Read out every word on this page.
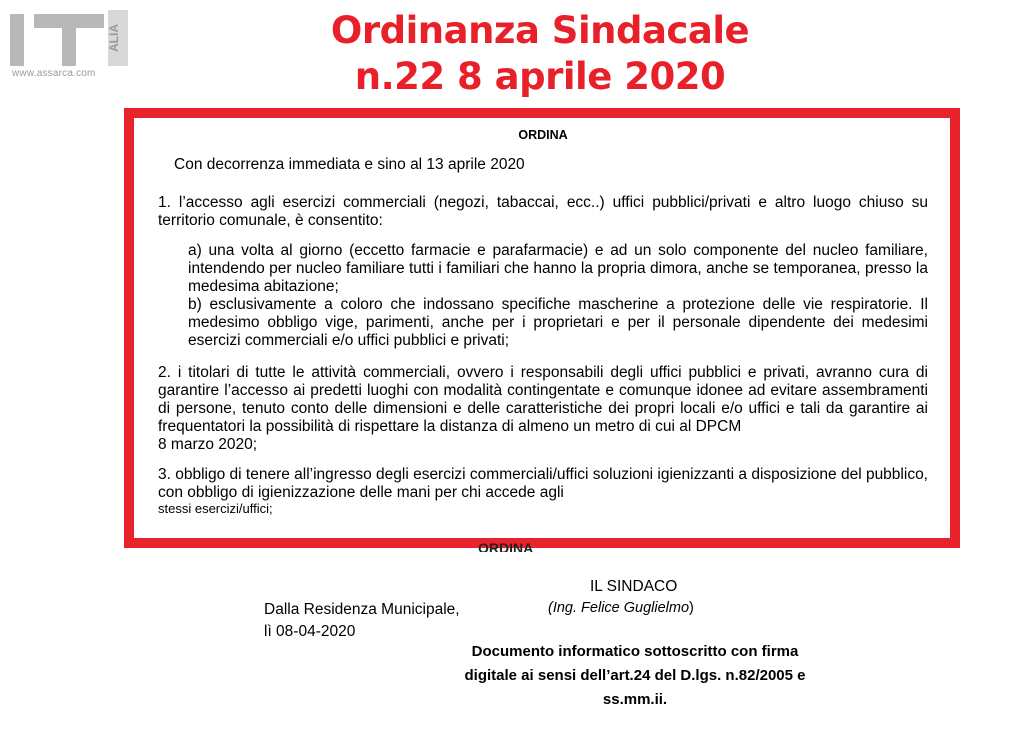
ALIA
www.assarca.com
Ordinanza Sindacale
n.22 8 aprile 2020
ORDINA

Con decorrenza immediata e sino al 13 aprile 2020

1. l’accesso agli esercizi commerciali (negozi, tabaccai, ecc..) uffici pubblici/privati e altro luogo chiuso su territorio comunale, è consentito:

a) una volta al giorno (eccetto farmacie e parafarmacie) e ad un solo componente del nucleo familiare, intendendo per nucleo familiare tutti i familiari che hanno la propria dimora, anche se temporanea, presso la medesima abitazione;

b) esclusivamente a coloro che indossano specifiche mascherine a protezione delle vie respiratorie. Il medesimo obbligo vige, parimenti, anche per i proprietari e per il personale dipendente dei medesimi esercizi commerciali e/o uffici pubblici e privati;

2. i titolari di tutte le attività commerciali, ovvero i responsabili degli uffici pubblici e privati, avranno cura di garantire l’accesso ai predetti luoghi con modalità contingentate e comunque idonee ad evitare assembramenti di persone, tenuto conto delle dimensioni e delle caratteristiche dei propri locali e/o uffici e tali da garantire ai frequentatori la possibilità di rispettare la distanza di almeno un metro di cui al DPCM

8 marzo 2020;

3. obbligo di tenere all’ingresso degli esercizi commerciali/uffici soluzioni igienizzanti a disposizione del pubblico, con obbligo di igienizzazione delle mani per chi accede agli

stessi esercizi/uffici;

ORDINA
IL SINDACO
(Ing. Felice Guglielmo)
Dalla Residenza Municipale,
lì 08-04-2020
Documento informatico sottoscritto con firma
digitale ai sensi dell’art.24 del D.lgs. n.82/2005 e
ss.mm.ii.
